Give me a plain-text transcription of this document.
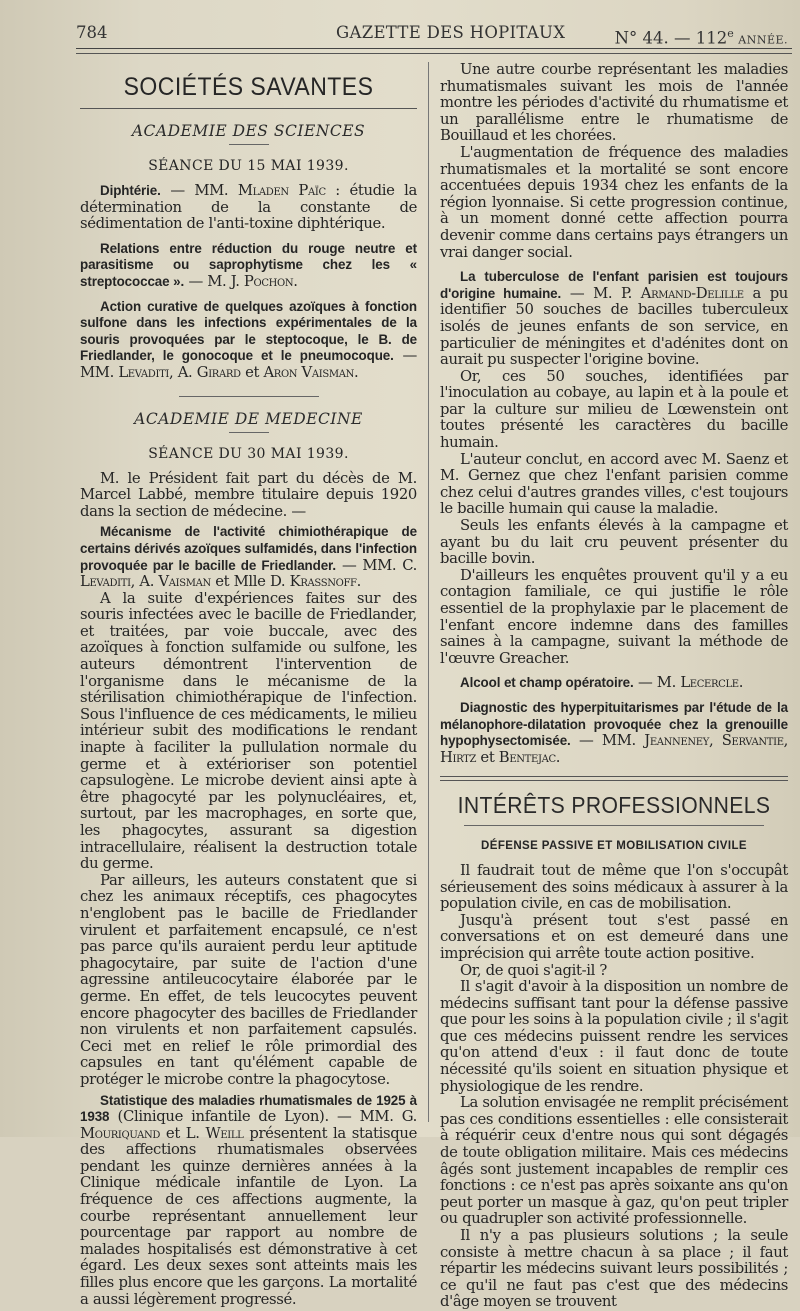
784	GAZETTE DES HOPITAUX	N° 44. — 112e ANNÉE.
SOCIÉTÉS SAVANTES
ACADEMIE DES SCIENCES
SÉANCE DU 15 MAI 1939.

Diphtérie. — MM. Mladen Païc : étudie la détermination de la constante de sédimentation de l'anti-toxine diphtérique.

Relations entre réduction du rouge neutre et parasitisme ou saprophytisme chez les « streptococcae ». — M. J. Pochon.

Action curative de quelques azoïques à fonction sulfone dans les infections expérimentales de la souris provoquées par le steptocoque, le B. de Friedlander, le gonocoque et le pneumocoque. — MM. Levaditi, A. Girard et Aron Vaisman.

ACADEMIE DE MEDECINE
SÉANCE DU 30 MAI 1939.

M. le Président fait part du décès de M. Marcel Labbé, membre titulaire depuis 1920 dans la section de médecine. —

Mécanisme de l'activité chimiothérapique de certains dérivés azoïques sulfamidés, dans l'infection provoquée par le bacille de Friedlander. — MM. C. Levaditi, A. Vaisman et Mlle D. Krassnoff.

A la suite d'expériences faites sur des souris infectées avec le bacille de Friedlander, et traitées, par voie buccale, avec des azoïques à fonction sulfamide ou sulfone, les auteurs démontrent l'intervention de l'organisme dans le mécanisme de la stérilisation chimiothérapique de l'infection. Sous l'influence de ces médicaments, le milieu intérieur subit des modifications le rendant inapte à faciliter la pullulation normale du germe et à extérioriser son potentiel capsulogène. Le microbe devient ainsi apte à être phagocyté par les polynucléaires, et, surtout, par les macrophages, en sorte que, les phagocytes, assurant sa digestion intracellulaire, réalisent la destruction totale du germe.

Par ailleurs, les auteurs constatent que si chez les animaux réceptifs, ces phagocytes n'englobent pas le bacille de Friedlander virulent et parfaitement encapsulé, ce n'est pas parce qu'ils auraient perdu leur aptitude phagocytaire, par suite de l'action d'une agressine antileucocytaire élaborée par le germe. En effet, de tels leucocytes peuvent encore phagocyter des bacilles de Friedlander non virulents et non parfaitement capsulés. Ceci met en relief le rôle primordial des capsules en tant qu'élément capable de protéger le microbe contre la phagocytose.

Statistique des maladies rhumatismales de 1925 à 1938 (Clinique infantile de Lyon). — MM. G. Mouriquand et L. Weill présentent la statisque des affections rhumatismales observées pendant les quinze dernières années à la Clinique médicale infantile de Lyon. La fréquence de ces affections augmente, la courbe représentant annuellement leur pourcentage par rapport au nombre de malades hospitalisés est démonstrative à cet égard. Les deux sexes sont atteints mais les filles plus encore que les garçons. La mortalité a aussi légèrement progressé.

Une autre courbe représentant les maladies rhumatismales suivant les mois de l'année montre les périodes d'activité du rhumatisme et un parallélisme entre le rhumatisme de Bouillaud et les chorées.

L'augmentation de fréquence des maladies rhumatismales et la mortalité se sont encore accentuées depuis 1934 chez les enfants de la région lyonnaise. Si cette progression continue, à un moment donné cette affection pourra devenir comme dans certains pays étrangers un vrai danger social.

La tuberculose de l'enfant parisien est toujours d'origine humaine. — M. P. Armand-Delille a pu identifier 50 souches de bacilles tuberculeux isolés de jeunes enfants de son service, en particulier de méningites et d'adénites dont on aurait pu suspecter l'origine bovine.

Or, ces 50 souches, identifiées par l'inoculation au cobaye, au lapin et à la poule et par la culture sur milieu de Lœwenstein ont toutes présenté les caractères du bacille humain.

L'auteur conclut, en accord avec M. Saenz et M. Gernez que chez l'enfant parisien comme chez celui d'autres grandes villes, c'est toujours le bacille humain qui cause la maladie.

Seuls les enfants élevés à la campagne et ayant bu du lait cru peuvent présenter du bacille bovin.

D'ailleurs les enquêtes prouvent qu'il y a eu contagion familiale, ce qui justifie le rôle essentiel de la prophylaxie par le placement de l'enfant encore indemne dans des familles saines à la campagne, suivant la méthode de l'œuvre Greacher.

Alcool et champ opératoire. — M. Lecercle.

Diagnostic des hyperpituitarismes par l'étude de la mélanophore-dilatation provoquée chez la grenouille hypophysectomisée. — MM. Jeanneney, Servantie, Hirtz et Bentejac.

INTÉRÊTS PROFESSIONNELS
DÉFENSE PASSIVE ET MOBILISATION CIVILE

Il faudrait tout de même que l'on s'occupât sérieusement des soins médicaux à assurer à la population civile, en cas de mobilisation.

Jusqu'à présent tout s'est passé en conversations et on est demeuré dans une imprécision qui arrête toute action positive.

Or, de quoi s'agit-il ?

Il s'agit d'avoir à la disposition un nombre de médecins suffisant tant pour la défense passive que pour les soins à la population civile ; il s'agit que ces médecins puissent rendre les services qu'on attend d'eux : il faut donc de toute nécessité qu'ils soient en situation physique et physiologique de les rendre.

La solution envisagée ne remplit précisément pas ces conditions essentielles : elle consisterait à réquérir ceux d'entre nous qui sont dégagés de toute obligation militaire. Mais ces médecins âgés sont justement incapables de remplir ces fonctions : ce n'est pas après soixante ans qu'on peut porter un masque à gaz, qu'on peut tripler ou quadrupler son activité professionnelle.

Il n'y a pas plusieurs solutions ; la seule consiste à mettre chacun à sa place ; il faut répartir les médecins suivant leurs possibilités ; ce qu'il ne faut pas c'est que des médecins d'âge moyen se trouvent
